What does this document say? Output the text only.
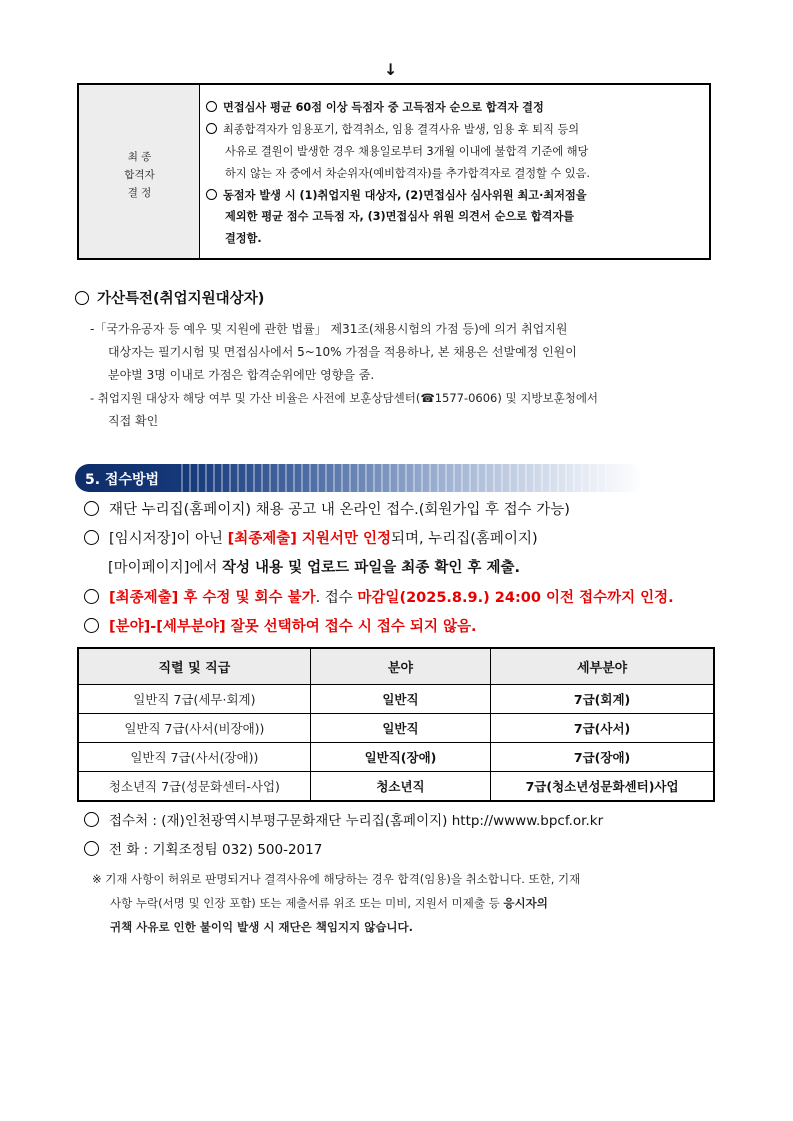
↓
최 종
합격자
결 정
면접심사 평균 60점 이상 득점자 중 고득점자 순으로 합격자 결정
최종합격자가 임용포기, 합격취소, 임용 결격사유 발생, 임용 후 퇴직 등의
사유로 결원이 발생한 경우 채용일로부터 3개월 이내에 불합격 기준에 해당
하지 않는 자 중에서 차순위자(예비합격자)를 추가합격자로 결정할 수 있음.
동점자 발생 시 (1)취업지원 대상자, (2)면접심사 심사위원 최고·최저점을
제외한 평균 점수 고득점 자, (3)면접심사 위원 의견서 순으로 합격자를
결정함.
가산특전(취업지원대상자)
-「국가유공자 등 예우 및 지원에 관한 법률」 제31조(채용시험의 가점 등)에 의거 취업지원
대상자는 필기시험 및 면접심사에서 5~10% 가점을 적용하나, 본 채용은 선발예정 인원이
분야별 3명 이내로 가점은 합격순위에만 영향을 줌.
- 취업지원 대상자 해당 여부 및 가산 비율은 사전에 보훈상담센터(☎1577-0606) 및 지방보훈청에서
직접 확인
5. 접수방법
재단 누리집(홈페이지) 채용 공고 내 온라인 접수.(회원가입 후 접수 가능)
[임시저장]이 아닌 [최종제출] 지원서만 인정되며, 누리집(홈페이지)
[마이페이지]에서 작성 내용 및 업로드 파일을 최종 확인 후 제출.
[최종제출] 후 수정 및 회수 불가. 접수 마감일(2025.8.9.) 24:00 이전 접수까지 인정.
[분야]-[세부분야] 잘못 선택하여 접수 시 접수 되지 않음.
직렬 및 직급	분야	세부분야
일반직 7급(세무·회계)	일반직	7급(회계)
일반직 7급(사서(비장애))	일반직	7급(사서)
일반직 7급(사서(장애))	일반직(장애)	7급(장애)
청소년직 7급(성문화센터-사업)	청소년직	7급(청소년성문화센터)사업
접수처 : (재)인천광역시부평구문화재단 누리집(홈페이지) http://wwww.bpcf.or.kr
전 화 : 기획조정팀 032) 500-2017
※ 기재 사항이 허위로 판명되거나 결격사유에 해당하는 경우 합격(임용)을 취소합니다. 또한, 기재
사항 누락(서명 및 인장 포함) 또는 제출서류 위조 또는 미비, 지원서 미제출 등 응시자의
귀책 사유로 인한 불이익 발생 시 재단은 책임지지 않습니다.
